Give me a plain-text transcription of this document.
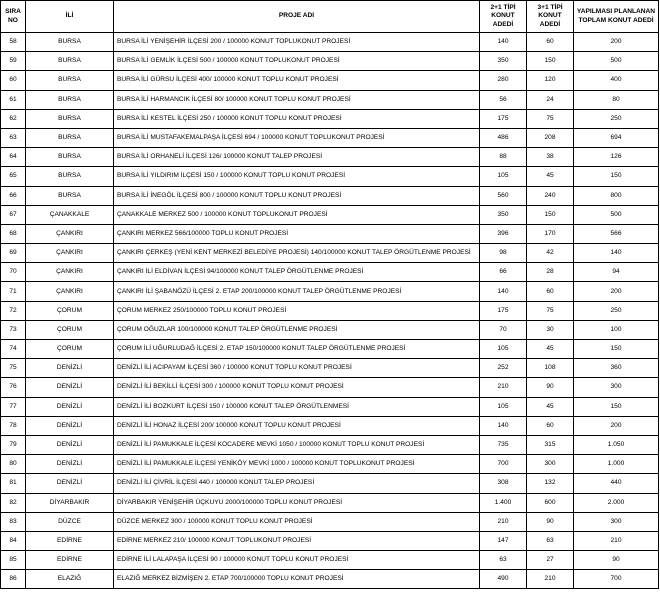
SIRA NO	İLİ	PROJE ADI	2+1 TİPİ KONUT ADEDİ	3+1 TİPİ KONUT ADEDİ	YAPILMASI PLANLANAN TOPLAM KONUT ADEDİ
58	BURSA	BURSA İLİ YENİŞEHİR İLÇESİ 200 / 100000 KONUT TOPLUKONUT PROJESİ	140	60	200
59	BURSA	BURSA İLİ GEMLİK İLÇESİ 500 / 100000 KONUT TOPLUKONUT PROJESİ	350	150	500
60	BURSA	BURSA İLİ GÜRSU İLÇESİ 400/ 100000 KONUT TOPLU KONUT PROJESİ	280	120	400
61	BURSA	BURSA İLİ HARMANCIK İLÇESİ 80/ 100000 KONUT TOPLU KONUT PROJESİ	56	24	80
62	BURSA	BURSA İLİ KESTEL İLÇESİ 250 / 100000 KONUT TOPLU KONUT PROJESİ	175	75	250
63	BURSA	BURSA İLİ MUSTAFAKEMALPAŞA İLÇESİ 694 / 100000 KONUT TOPLUKONUT PROJESİ	486	208	694
64	BURSA	BURSA İLİ ORHANELİ İLÇESİ 126/ 100000 KONUT TALEP PROJESİ	88	38	126
65	BURSA	BURSA İLİ YILDIRIM İLÇESİ 150 / 100000 KONUT TOPLU KONUT PROJESİ	105	45	150
66	BURSA	BURSA İLİ İNEGÖL İLÇESİ 800 / 100000 KONUT TOPLU KONUT PROJESİ	560	240	800
67	ÇANAKKALE	ÇANAKKALE MERKEZ 500 / 100000 KONUT TOPLUKONUT PROJESİ	350	150	500
68	ÇANKIRI	ÇANKIRI MERKEZ 566/100000 TOPLU KONUT PROJESİ	396	170	566
69	ÇANKIRI	ÇANKIRI ÇERKEŞ (YENİ KENT MERKEZİ BELEDİYE PROJESİ) 140/100000 KONUT TALEP ÖRGÜTLENME PROJESİ	98	42	140
70	ÇANKIRI	ÇANKIRI İLİ ELDİVAN İLÇESİ 94/100000 KONUT TALEP ÖRGÜTLENME PROJESİ	66	28	94
71	ÇANKIRI	ÇANKIRI İLİ ŞABANÖZÜ İLÇESİ 2. ETAP 200/100000 KONUT TALEP ÖRGÜTLENME PROJESİ	140	60	200
72	ÇORUM	ÇORUM MERKEZ 250/100000 TOPLU KONUT PROJESİ	175	75	250
73	ÇORUM	ÇORUM OĞUZLAR 100/100000 KONUT TALEP ÖRGÜTLENME PROJESİ	70	30	100
74	ÇORUM	ÇORUM İLİ UĞURLUDAĞ İLÇESİ 2. ETAP 150/100000 KONUT TALEP ÖRGÜTLENME PROJESİ	105	45	150
75	DENİZLİ	DENİZLİ İLİ ACIPAYAM İLÇESİ 360 / 100000 KONUT TOPLU KONUT PROJESİ	252	108	360
76	DENİZLİ	DENİZLİ İLİ BEKİLLİ İLÇESİ 300 / 100000 KONUT TOPLU KONUT PROJESİ	210	90	300
77	DENİZLİ	DENİZLİ İLİ BOZKURT İLÇESİ 150 / 100000 KONUT TALEP ÖRGÜTLENMESİ	105	45	150
78	DENİZLİ	DENİZLİ İLİ HONAZ İLÇESİ 200/ 100000 KONUT TOPLU KONUT PROJESİ	140	60	200
79	DENİZLİ	DENİZLİ İLİ PAMUKKALE İLÇESİ KOCADERE MEVKİ 1050 / 100000 KONUT TOPLU KONUT PROJESİ	735	315	1.050
80	DENİZLİ	DENİZLİ İLİ PAMUKKALE İLÇESİ YENİKÖY MEVKİ 1000 / 100000 KONUT TOPLUKONUT PROJESİ	700	300	1.000
81	DENİZLİ	DENİZLİ İLİ ÇİVRİL İLÇESİ 440 / 100000 KONUT TALEP PROJESİ	308	132	440
82	DİYARBAKIR	DİYARBAKIR YENİŞEHİR ÜÇKUYU 2000/100000 TOPLU KONUT PROJESİ	1.400	600	2.000
83	DÜZCE	DÜZCE MERKEZ 300 / 100000 KONUT TOPLU KONUT PROJESİ	210	90	300
84	EDİRNE	EDİRNE MERKEZ 210/ 100000 KONUT TOPLUKONUT PROJESİ	147	63	210
85	EDİRNE	EDİRNE İLİ LALAPAŞA İLÇESİ 90 / 100000 KONUT TOPLU KONUT PROJESİ	63	27	90
86	ELAZIĞ	ELAZIĞ MERKEZ BİZMİŞEN 2. ETAP 700/100000 TOPLU KONUT PROJESİ	490	210	700
